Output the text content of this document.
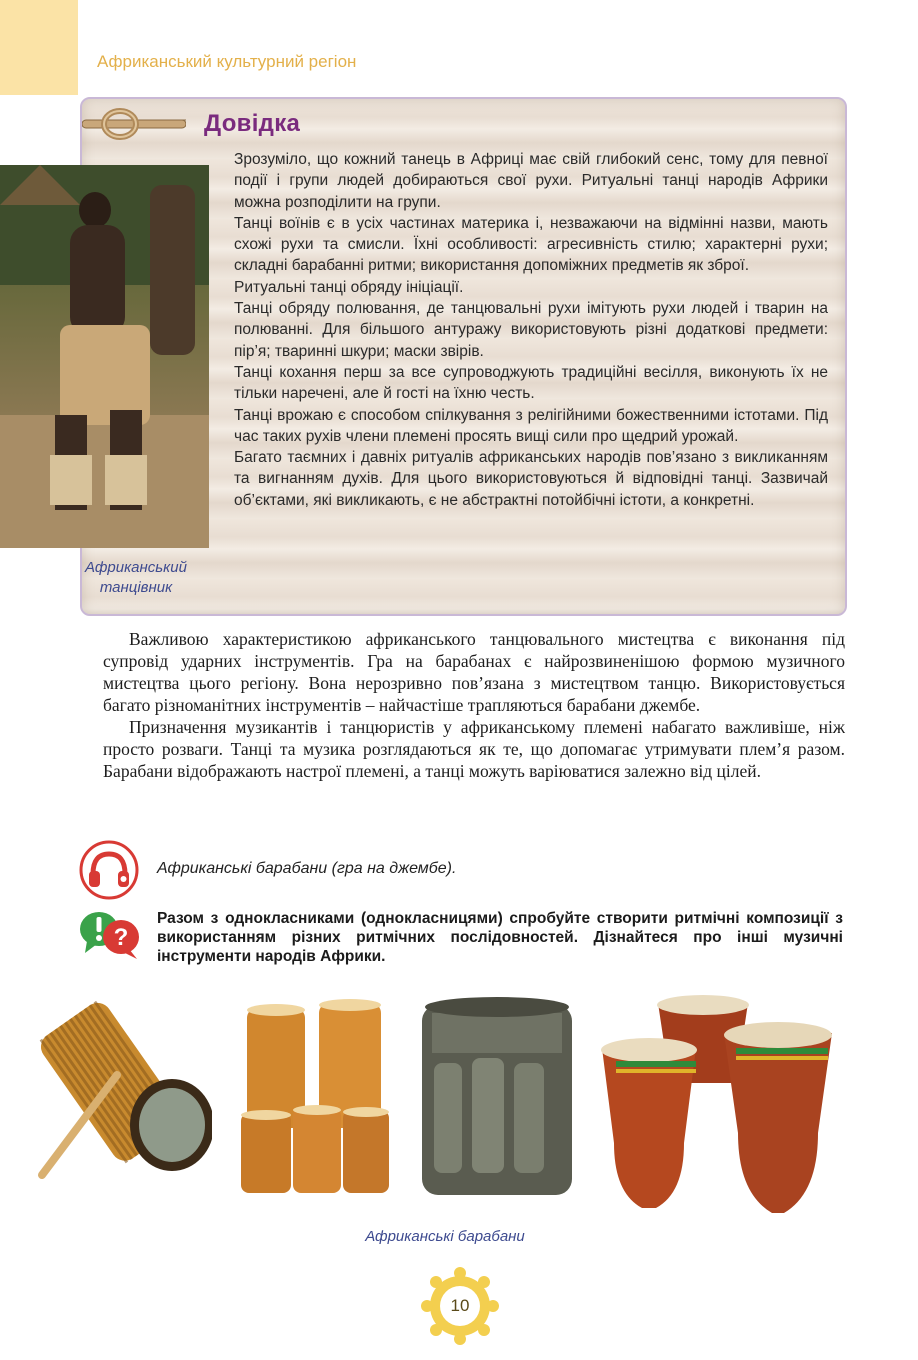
Африканський культурний регіон
Довідка
Африканський танцівник

Зрозуміло, що кожний танець в Африці має свій глибокий сенс, тому для певної події і групи людей добираються свої рухи. Ритуальні танці народів Африки можна розподілити на групи.

Танці воїнів є в усіх частинах материка і, незважаючи на відмінні назви, мають схожі рухи та смисли. Їхні особливості: агресивність стилю; характерні рухи; складні барабанні ритми; використання допоміжних предметів як зброї.

Ритуальні танці обряду ініціації.

Танці обряду полювання, де танцювальні рухи імітують рухи людей і тварин на полюванні. Для більшого антуражу використовують різні додаткові предмети: пір’я; тваринні шкури; маски звірів.

Танці кохання перш за все супроводжують традиційні весілля, виконують їх не тільки наречені, але й гості на їхню честь.

Танці врожаю є способом спілкування з релігійними божественними істотами. Під час таких рухів члени племені просять вищі сили про щедрий урожай.

Багато таємних і давніх ритуалів африканських народів пов’язано з викликанням та вигнанням духів. Для цього використовуються й відповідні танці. Зазвичай об’єктами, які викликають, є не абстрактні потойбічні істоти, а конкретні.

Важливою характеристикою африканського танцювального мистецтва є виконання під супровід ударних інструментів. Гра на барабанах є найрозвиненішою формою музичного мистецтва цього регіону. Вона нерозривно пов’язана з мистецтвом танцю. Використовується багато різноманітних інструментів – найчастіше трапляються барабани джембе.

Призначення музикантів і танцюристів у африканському племені набагато важливіше, ніж просто розваги. Танці та музика розглядаються як те, що допомагає утримувати плем’я разом. Барабани відображають настрої племені, а танці можуть варіюватися залежно від цілей.

Африканські барабани (гра на джембе).
?
Разом з однокласниками (однокласницями) спробуйте створити ритмічні композиції з використанням різних ритмічних послідовностей. Дізнайтеся про інші музичні інструменти народів Африки.
Африканські барабани
10
